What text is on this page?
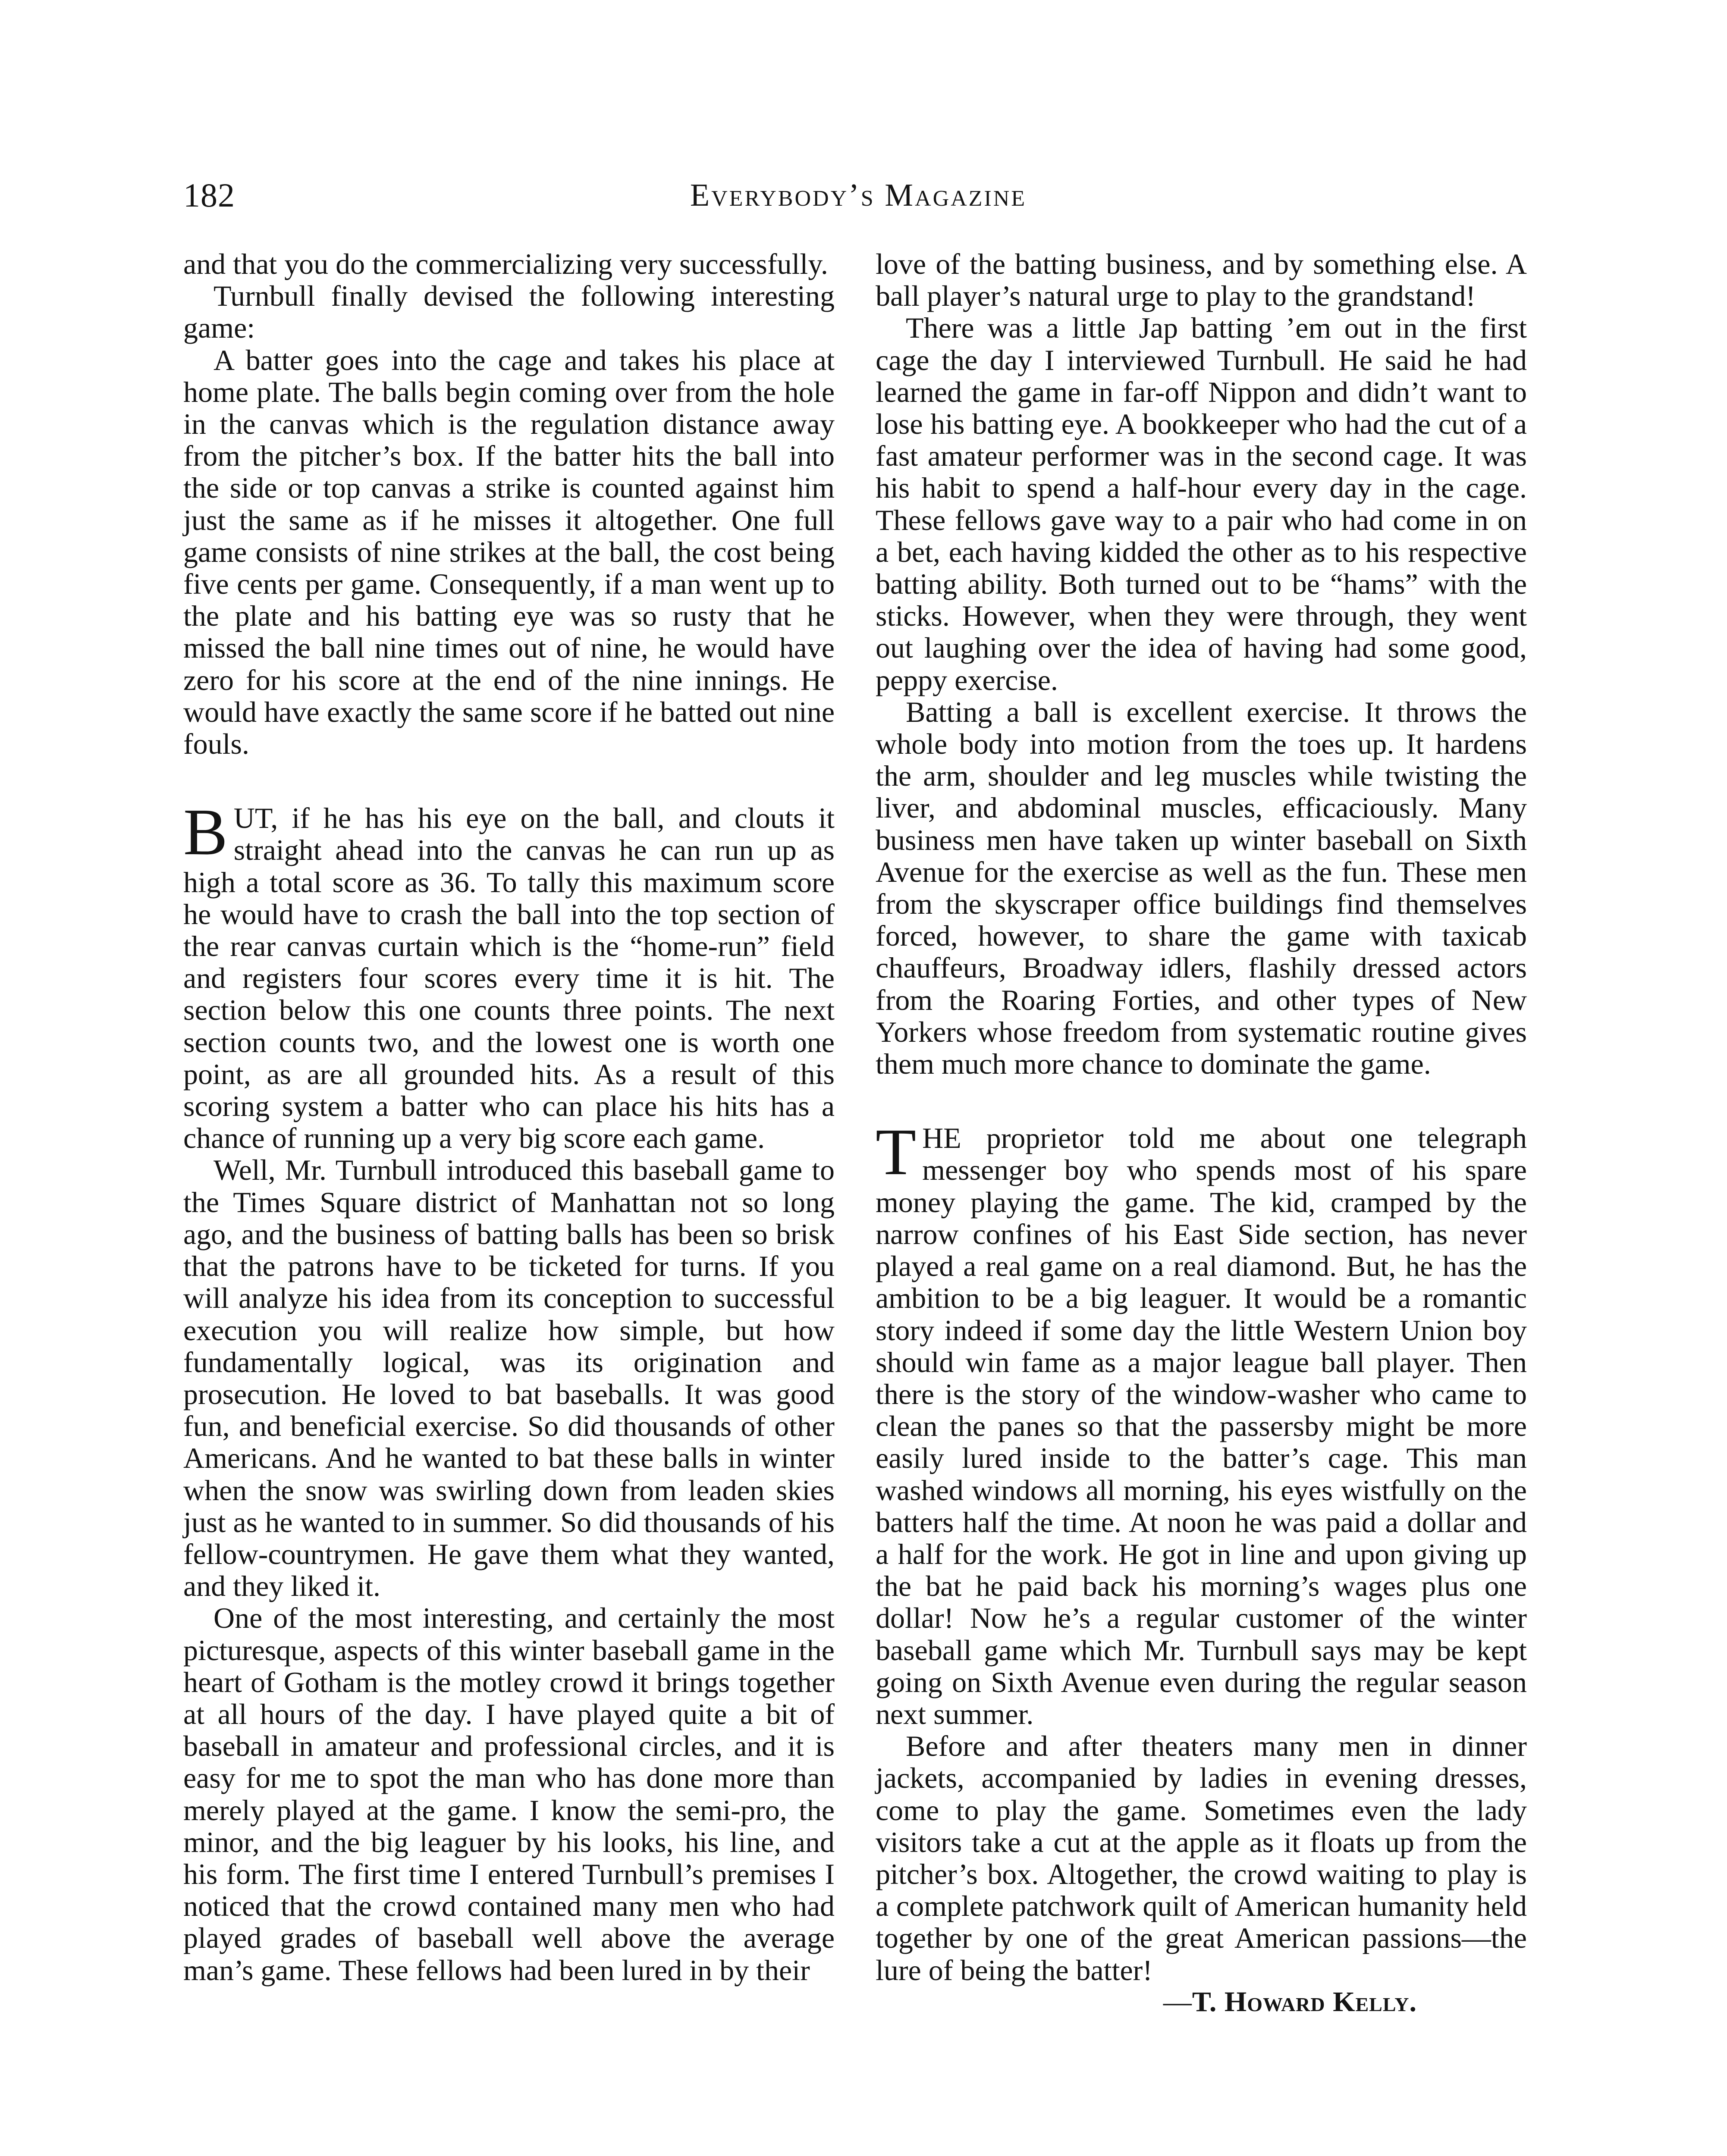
182	Everybody’s Magazine

and that you do the commercializing very successfully.

Turnbull finally devised the following interesting game:

A batter goes into the cage and takes his place at home plate. The balls begin coming over from the hole in the canvas which is the regulation distance away from the pitcher’s box. If the batter hits the ball into the side or top canvas a strike is counted against him just the same as if he misses it altogether. One full game consists of nine strikes at the ball, the cost being five cents per game. Consequently, if a man went up to the plate and his batting eye was so rusty that he missed the ball nine times out of nine, he would have zero for his score at the end of the nine innings. He would have exactly the same score if he batted out nine fouls.

BUT, if he has his eye on the ball, and clouts it straight ahead into the canvas he can run up as high a total score as 36. To tally this maximum score he would have to crash the ball into the top section of the rear canvas curtain which is the “home-run” field and registers four scores every time it is hit. The section below this one counts three points. The next section counts two, and the lowest one is worth one point, as are all grounded hits. As a result of this scoring system a batter who can place his hits has a chance of running up a very big score each game.

Well, Mr. Turnbull introduced this baseball game to the Times Square district of Manhattan not so long ago, and the business of batting balls has been so brisk that the patrons have to be ticketed for turns. If you will analyze his idea from its conception to successful execution you will realize how simple, but how fundamentally logical, was its origination and prosecution. He loved to bat baseballs. It was good fun, and beneficial exercise. So did thousands of other Americans. And he wanted to bat these balls in winter when the snow was swirling down from leaden skies just as he wanted to in summer. So did thousands of his fellow-countrymen. He gave them what they wanted, and they liked it.

One of the most interesting, and certainly the most picturesque, aspects of this winter baseball game in the heart of Gotham is the motley crowd it brings together at all hours of the day. I have played quite a bit of baseball in amateur and professional circles, and it is easy for me to spot the man who has done more than merely played at the game. I know the semi-pro, the minor, and the big leaguer by his looks, his line, and his form. The first time I entered Turnbull’s premises I noticed that the crowd contained many men who had played grades of baseball well above the average man’s game. These fellows had been lured in by their

love of the batting business, and by something else. A ball player’s natural urge to play to the grandstand!

There was a little Jap batting ’em out in the first cage the day I interviewed Turnbull. He said he had learned the game in far-off Nippon and didn’t want to lose his batting eye. A bookkeeper who had the cut of a fast amateur performer was in the second cage. It was his habit to spend a half-hour every day in the cage. These fellows gave way to a pair who had come in on a bet, each having kidded the other as to his respective batting ability. Both turned out to be “hams” with the sticks. However, when they were through, they went out laughing over the idea of having had some good, peppy exercise.

Batting a ball is excellent exercise. It throws the whole body into motion from the toes up. It hardens the arm, shoulder and leg muscles while twisting the liver, and abdominal muscles, efficaciously. Many business men have taken up winter baseball on Sixth Avenue for the exercise as well as the fun. These men from the skyscraper office buildings find themselves forced, however, to share the game with taxicab chauffeurs, Broadway idlers, flashily dressed actors from the Roaring Forties, and other types of New Yorkers whose freedom from systematic routine gives them much more chance to dominate the game.

THE proprietor told me about one telegraph messenger boy who spends most of his spare money playing the game. The kid, cramped by the narrow confines of his East Side section, has never played a real game on a real diamond. But, he has the ambition to be a big leaguer. It would be a romantic story indeed if some day the little Western Union boy should win fame as a major league ball player. Then there is the story of the window-washer who came to clean the panes so that the passersby might be more easily lured inside to the batter’s cage. This man washed windows all morning, his eyes wistfully on the batters half the time. At noon he was paid a dollar and a half for the work. He got in line and upon giving up the bat he paid back his morning’s wages plus one dollar! Now he’s a regular customer of the winter baseball game which Mr. Turnbull says may be kept going on Sixth Avenue even during the regular season next summer.

Before and after theaters many men in dinner jackets, accompanied by ladies in evening dresses, come to play the game. Sometimes even the lady visitors take a cut at the apple as it floats up from the pitcher’s box. Altogether, the crowd waiting to play is a complete patchwork quilt of American humanity held together by one of the great American passions—the lure of being the batter!

—T. Howard Kelly.
